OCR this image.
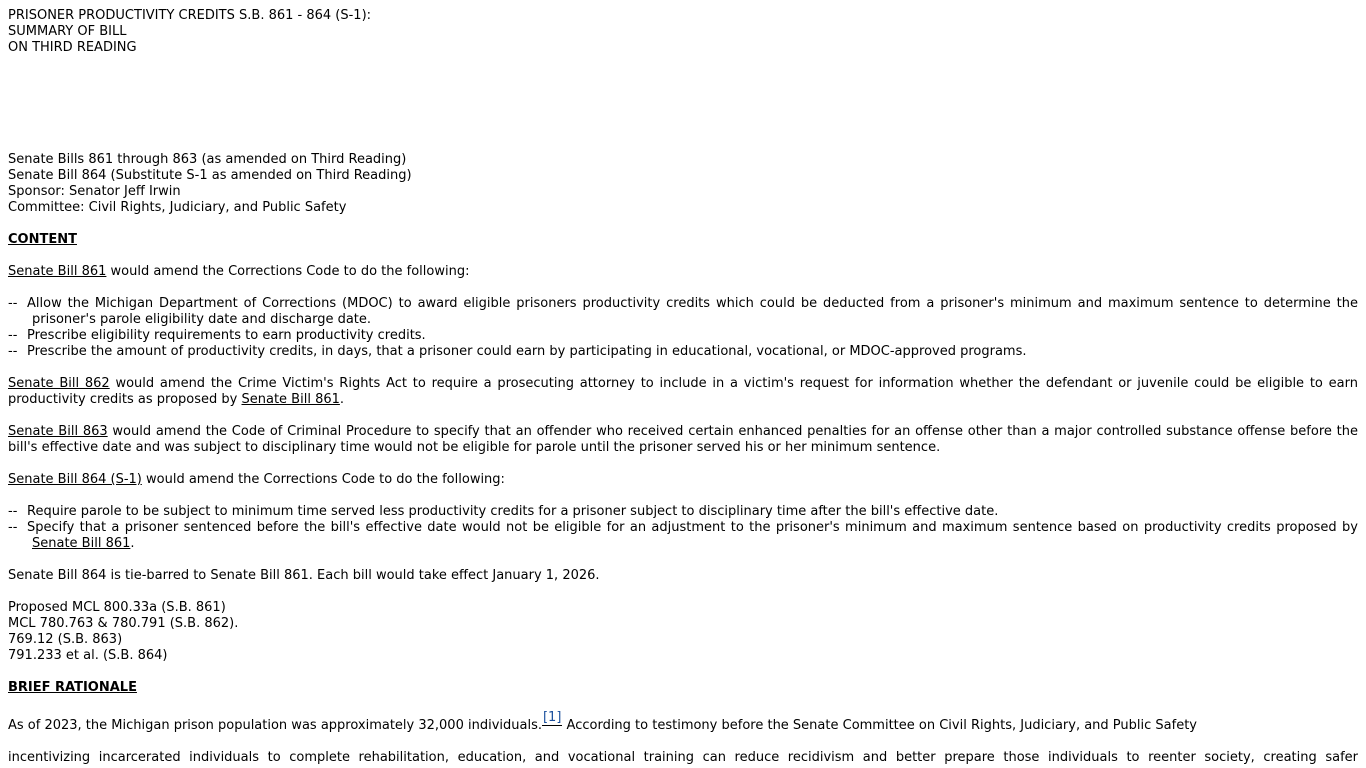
PRISONER PRODUCTIVITY CREDITS S.B. 861 - 864 (S-1):
SUMMARY OF BILL
ON THIRD READING
Senate Bills 861 through 863 (as amended on Third Reading)
Senate Bill 864 (Substitute S-1 as amended on Third Reading)
Sponsor: Senator Jeff Irwin
Committee: Civil Rights, Judiciary, and Public Safety
CONTENT
Senate Bill 861 would amend the Corrections Code to do the following:
-- Allow the Michigan Department of Corrections (MDOC) to award eligible prisoners productivity credits which could be deducted from a prisoner's minimum and maximum sentence to determine the prisoner's parole eligibility date and discharge date.
-- Prescribe eligibility requirements to earn productivity credits.
-- Prescribe the amount of productivity credits, in days, that a prisoner could earn by participating in educational, vocational, or MDOC-approved programs.
Senate Bill 862 would amend the Crime Victim's Rights Act to require a prosecuting attorney to include in a victim's request for information whether the defendant or juvenile could be eligible to earn productivity credits as proposed by Senate Bill 861.
Senate Bill 863 would amend the Code of Criminal Procedure to specify that an offender who received certain enhanced penalties for an offense other than a major controlled substance offense before the bill's effective date and was subject to disciplinary time would not be eligible for parole until the prisoner served his or her minimum sentence.
Senate Bill 864 (S-1) would amend the Corrections Code to do the following:
-- Require parole to be subject to minimum time served less productivity credits for a prisoner subject to disciplinary time after the bill's effective date.
-- Specify that a prisoner sentenced before the bill's effective date would not be eligible for an adjustment to the prisoner's minimum and maximum sentence based on productivity credits proposed by Senate Bill 861.
Senate Bill 864 is tie-barred to Senate Bill 861. Each bill would take effect January 1, 2026.
Proposed MCL 800.33a (S.B. 861)
MCL 780.763 & 780.791 (S.B. 862).
769.12 (S.B. 863)
791.233 et al. (S.B. 864)
BRIEF RATIONALE
As of 2023, the Michigan prison population was approximately 32,000 individuals.[1] According to testimony before the Senate Committee on Civil Rights, Judiciary, and Public Safety
incentivizing incarcerated individuals to complete rehabilitation, education, and vocational training can reduce recidivism and better prepare those individuals to reenter society, creating safer
